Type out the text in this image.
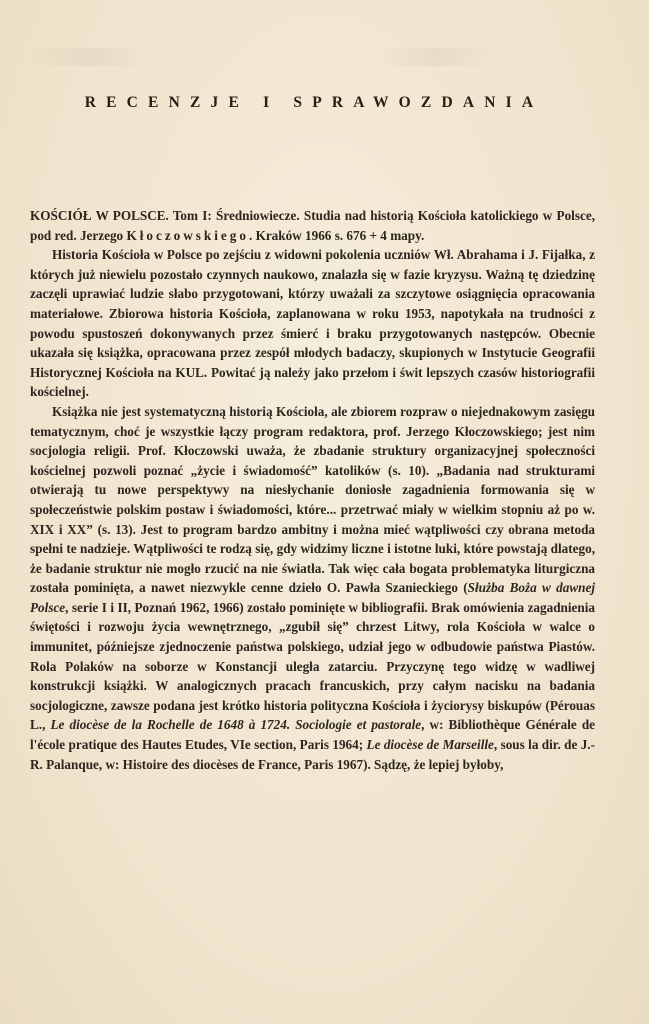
RECENZJE I SPRAWOZDANIA

KOŚCIÓŁ W POLSCE. Tom I: Średniowiecze. Studia nad historią Kościoła katolickiego w Polsce, pod red. Jerzego Kłoczowskiego. Kraków 1966 s. 676 + 4 mapy.

Historia Kościoła w Polsce po zejściu z widowni pokolenia uczniów Wł. Abrahama i J. Fijałka, z których już niewielu pozostało czynnych naukowo, znalazła się w fazie kryzysu. Ważną tę dziedzinę zaczęli uprawiać ludzie słabo przygotowani, którzy uważali za szczytowe osiągnięcia opracowania materiałowe. Zbiorowa historia Kościoła, zaplanowana w roku 1953, napotykała na trudności z powodu spustoszeń dokonywanych przez śmierć i braku przygotowanych następców. Obecnie ukazała się książka, opracowana przez zespół młodych badaczy, skupionych w Instytucie Geografii Historycznej Kościoła na KUL. Powitać ją należy jako przełom i świt lepszych czasów historiografii kościelnej.

Książka nie jest systematyczną historią Kościoła, ale zbiorem rozpraw o niejednakowym zasięgu tematycznym, choć je wszystkie łączy program redaktora, prof. Jerzego Kłoczowskiego; jest nim socjologia religii. Prof. Kłoczowski uważa, że zbadanie struktury organizacyjnej społeczności kościelnej pozwoli poznać „życie i świadomość” katolików (s. 10). „Badania nad strukturami otwierają tu nowe perspektywy na niesłychanie doniosłe zagadnienia formowania się w społeczeństwie polskim postaw i świadomości, które... przetrwać miały w wielkim stopniu aż po w. XIX i XX” (s. 13). Jest to program bardzo ambitny i można mieć wątpliwości czy obrana metoda spełni te nadzieje. Wątpliwości te rodzą się, gdy widzimy liczne i istotne luki, które powstają dlatego, że badanie struktur nie mogło rzucić na nie światła. Tak więc cała bogata problematyka liturgiczna została pominięta, a nawet niezwykle cenne dzieło O. Pawła Szanieckiego (Służba Boża w dawnej Polsce, serie I i II, Poznań 1962, 1966) zostało pominięte w bibliografii. Brak omówienia zagadnienia świętości i rozwoju życia wewnętrznego, „zgubił się” chrzest Litwy, rola Kościoła w walce o immunitet, późniejsze zjednoczenie państwa polskiego, udział jego w odbudowie państwa Piastów. Rola Polaków na soborze w Konstancji uległa zatarciu. Przyczynę tego widzę w wadliwej konstrukcji książki. W analogicznych pracach francuskich, przy całym nacisku na badania socjologiczne, zawsze podana jest krótko historia polityczna Kościoła i życiorysy biskupów (Pérouas L., Le diocèse de la Rochelle de 1648 à 1724. Sociologie et pastorale, w: Bibliothèque Générale de l'école pratique des Hautes Etudes, VIe section, Paris 1964; Le diocèse de Marseille, sous la dir. de J.-R. Palanque, w: Histoire des diocèses de France, Paris 1967). Sądzę, że lepiej byłoby,
